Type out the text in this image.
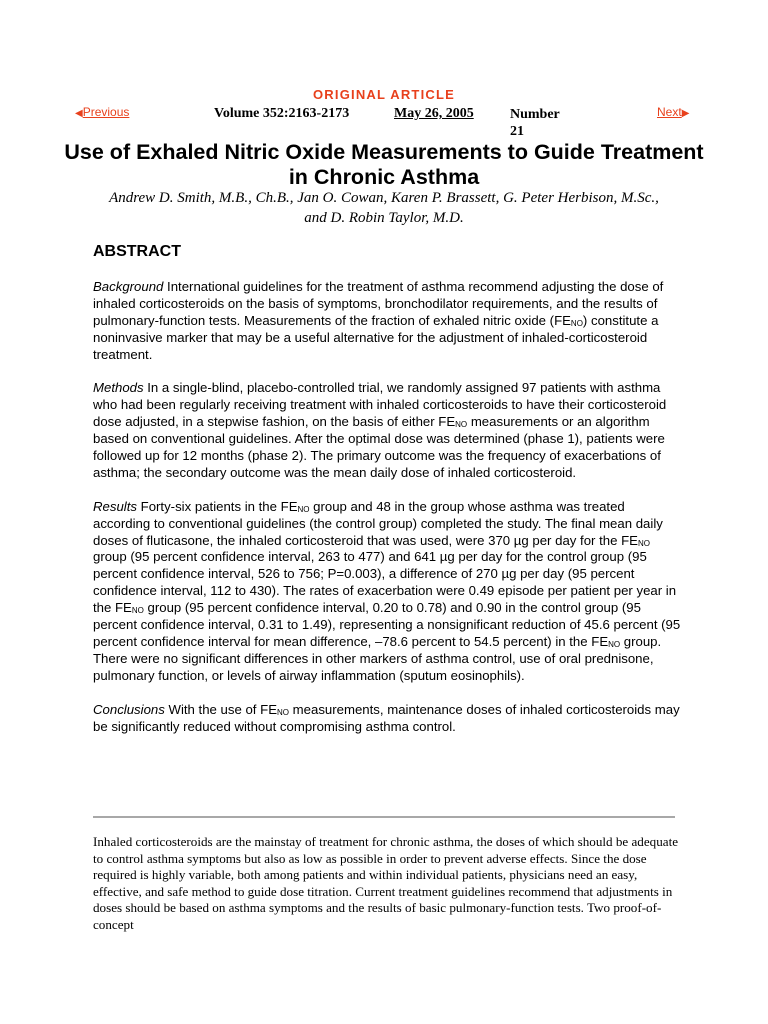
ORIGINAL ARTICLE
◀Previous	Volume 352:2163-2173	May 26, 2005	Number 21
Next▶
Use of Exhaled Nitric Oxide Measurements to Guide Treatment in Chronic Asthma
Andrew D. Smith, M.B., Ch.B., Jan O. Cowan, Karen P. Brassett, G. Peter Herbison, M.Sc., and D. Robin Taylor, M.D.
ABSTRACT

Background International guidelines for the treatment of asthma recommend adjusting the dose of inhaled corticosteroids on the basis of symptoms, bronchodilator requirements, and the results of pulmonary-function tests. Measurements of the fraction of exhaled nitric oxide $(FE_{NO})$ constitute a noninvasive marker that may be a useful alternative for the adjustment of inhaled-corticosteroid treatment.

Methods In a single-blind, placebo-controlled trial, we randomly assigned 97 patients with asthma who had been regularly receiving treatment with inhaled corticosteroids to have their corticosteroid dose adjusted, in a stepwise fashion, on the basis of either $FE_{NO}$ measurements or an algorithm based on conventional guidelines. After the optimal dose was determined (phase 1), patients were followed up for 12 months (phase 2). The primary outcome was the frequency of exacerbations of asthma; the secondary outcome was the mean daily dose of inhaled corticosteroid.

Results Forty-six patients in the $FE_{NO}$ group and 48 in the group whose asthma was treated according to conventional guidelines (the control group) completed the study. The final mean daily doses of fluticasone, the inhaled corticosteroid that was used, were 370 µg per day for the $FE_{NO}$ group (95 percent confidence interval, 263 to 477) and 641 µg per day for the control group (95 percent confidence interval, 526 to 756; P=0.003), a difference of 270 µg per day (95 percent confidence interval, 112 to 430). The rates of exacerbation were 0.49 episode per patient per year in the $FE_{NO}$ group (95 percent confidence interval, 0.20 to 0.78) and 0.90 in the control group (95 percent confidence interval, 0.31 to 1.49), representing a nonsignificant reduction of 45.6 percent (95 percent confidence interval for mean difference, –78.6 percent to 54.5 percent) in the $FE_{NO}$ group. There were no significant differences in other markers of asthma control, use of oral prednisone, pulmonary function, or levels of airway inflammation (sputum eosinophils).

Conclusions With the use of $FE_{NO}$ measurements, maintenance doses of inhaled corticosteroids may be significantly reduced without compromising asthma control.

Inhaled corticosteroids are the mainstay of treatment for chronic asthma, the doses of which should be adequate to control asthma symptoms but also as low as possible in order to prevent adverse effects. Since the dose required is highly variable, both among patients and within individual patients, physicians need an easy, effective, and safe method to guide dose titration. Current treatment guidelines recommend that adjustments in doses should be based on asthma symptoms and the results of basic pulmonary-function tests. Two proof-of-concept
